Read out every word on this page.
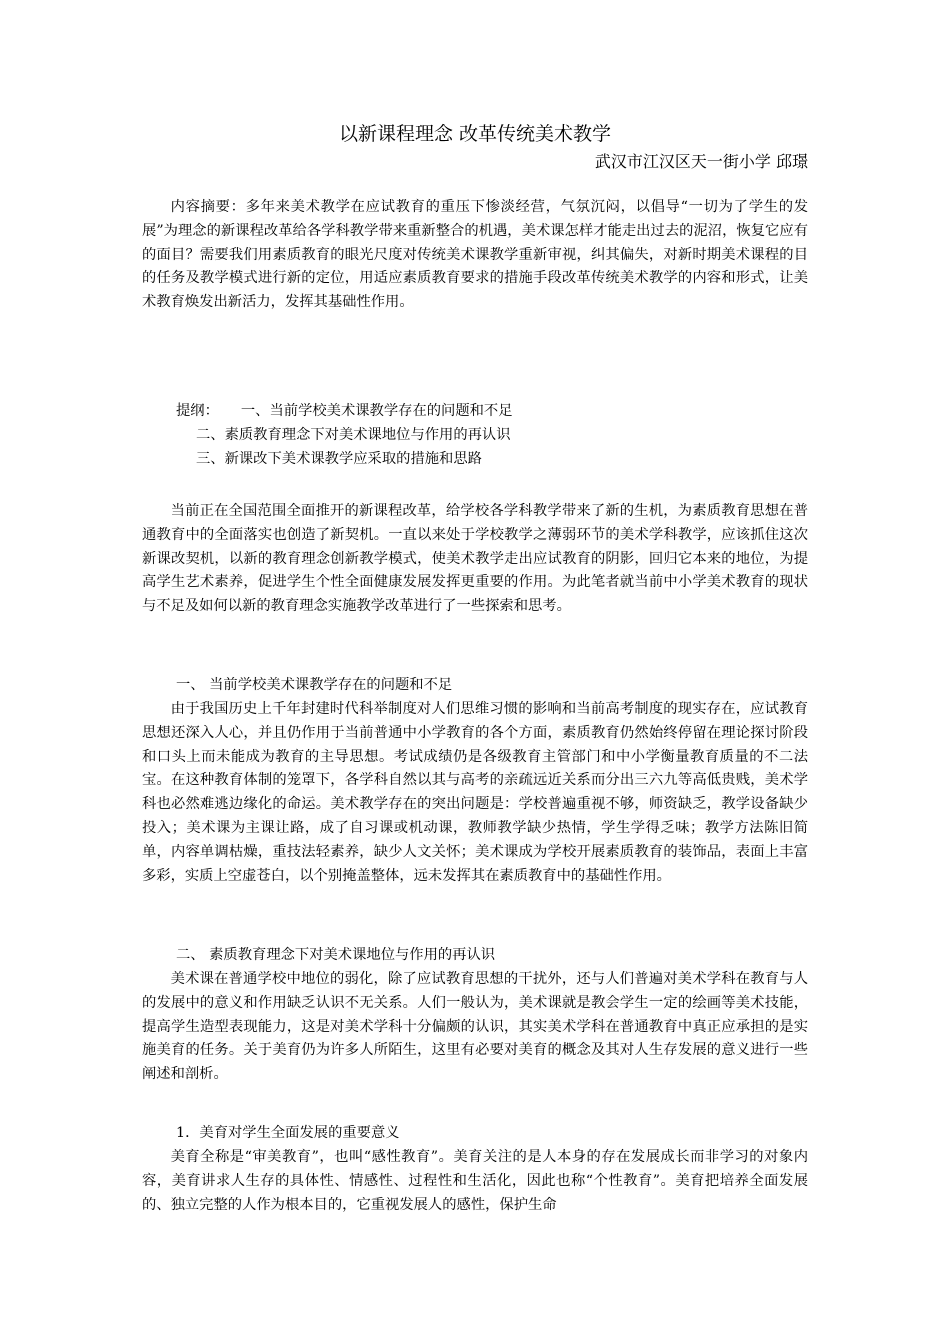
以新课程理念 改革传统美术教学
武汉市江汉区天一街小学 邱璟

内容摘要：多年来美术教学在应试教育的重压下惨淡经营，气氛沉闷，以倡导“一切为了学生的发展”为理念的新课程改革给各学科教学带来重新整合的机遇，美术课怎样才能走出过去的泥沼，恢复它应有的面目？需要我们用素质教育的眼光尺度对传统美术课教学重新审视，纠其偏失，对新时期美术课程的目的任务及教学模式进行新的定位，用适应素质教育要求的措施手段改革传统美术教学的内容和形式，让美术教育焕发出新活力，发挥其基础性作用。

提纲： 一、当前学校美术课教学存在的问题和不足
二、素质教育理念下对美术课地位与作用的再认识
三、新课改下美术课教学应采取的措施和思路

当前正在全国范围全面推开的新课程改革，给学校各学科教学带来了新的生机，为素质教育思想在普通教育中的全面落实也创造了新契机。一直以来处于学校教学之薄弱环节的美术学科教学，应该抓住这次新课改契机，以新的教育理念创新教学模式，使美术教学走出应试教育的阴影，回归它本来的地位，为提高学生艺术素养，促进学生个性全面健康发展发挥更重要的作用。为此笔者就当前中小学美术教育的现状与不足及如何以新的教育理念实施教学改革进行了一些探索和思考。

一、 当前学校美术课教学存在的问题和不足

由于我国历史上千年封建时代科举制度对人们思维习惯的影响和当前高考制度的现实存在，应试教育思想还深入人心，并且仍作用于当前普通中小学教育的各个方面，素质教育仍然始终停留在理论探讨阶段和口头上而未能成为教育的主导思想。考试成绩仍是各级教育主管部门和中小学衡量教育质量的不二法宝。在这种教育体制的笼罩下，各学科自然以其与高考的亲疏远近关系而分出三六九等高低贵贱，美术学科也必然难逃边缘化的命运。美术教学存在的突出问题是：学校普遍重视不够，师资缺乏，教学设备缺少投入；美术课为主课让路，成了自习课或机动课，教师教学缺少热情，学生学得乏味；教学方法陈旧简单，内容单调枯燥，重技法轻素养，缺少人文关怀；美术课成为学校开展素质教育的装饰品，表面上丰富多彩，实质上空虚苍白，以个别掩盖整体，远未发挥其在素质教育中的基础性作用。

二、 素质教育理念下对美术课地位与作用的再认识

美术课在普通学校中地位的弱化，除了应试教育思想的干扰外，还与人们普遍对美术学科在教育与人的发展中的意义和作用缺乏认识不无关系。人们一般认为，美术课就是教会学生一定的绘画等美术技能，提高学生造型表现能力，这是对美术学科十分偏颇的认识，其实美术学科在普通教育中真正应承担的是实施美育的任务。关于美育仍为许多人所陌生，这里有必要对美育的概念及其对人生存发展的意义进行一些阐述和剖析。

1．美育对学生全面发展的重要意义

美育全称是“审美教育”，也叫“感性教育”。美育关注的是人本身的存在发展成长而非学习的对象内容，美育讲求人生存的具体性、情感性、过程性和生活化，因此也称“个性教育”。美育把培养全面发展的、独立完整的人作为根本目的，它重视发展人的感性，保护生命
